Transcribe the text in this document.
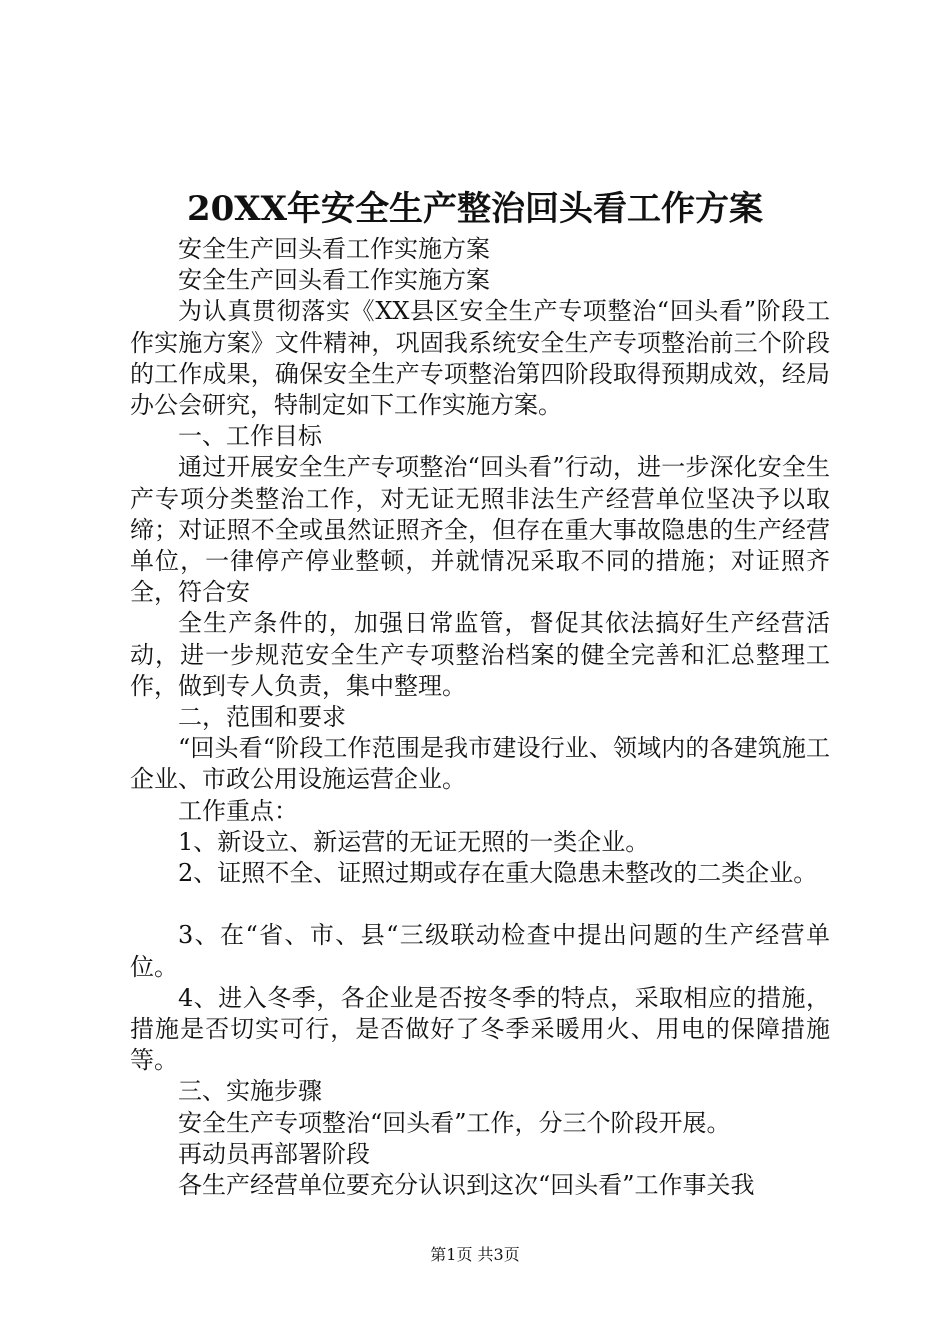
20XX年安全生产整治回头看工作方案

安全生产回头看工作实施方案

安全生产回头看工作实施方案

为认真贯彻落实《XX县区安全生产专项整治“回头看”阶段工作实施方案》文件精神，巩固我系统安全生产专项整治前三个阶段的工作成果，确保安全生产专项整治第四阶段取得预期成效，经局办公会研究，特制定如下工作实施方案。

一、工作目标

通过开展安全生产专项整治“回头看”行动，进一步深化安全生产专项分类整治工作，对无证无照非法生产经营单位坚决予以取缔；对证照不全或虽然证照齐全，但存在重大事故隐患的生产经营单位，一律停产停业整顿，并就情况采取不同的措施；对证照齐全，符合安

全生产条件的，加强日常监管，督促其依法搞好生产经营活动，进一步规范安全生产专项整治档案的健全完善和汇总整理工作，做到专人负责，集中整理。

二，范围和要求

“回头看“阶段工作范围是我市建设行业、领域内的各建筑施工企业、市政公用设施运营企业。

工作重点：

1、新设立、新运营的无证无照的一类企业。

2、证照不全、证照过期或存在重大隐患未整改的二类企业。

3、在“省、市、县“三级联动检查中提出问题的生产经营单位。

4、进入冬季，各企业是否按冬季的特点，采取相应的措施，措施是否切实可行，是否做好了冬季采暖用火、用电的保障措施等。

三、实施步骤

安全生产专项整治“回头看”工作，分三个阶段开展。

再动员再部署阶段

各生产经营单位要充分认识到这次“回头看”工作事关我

第1页 共3页
